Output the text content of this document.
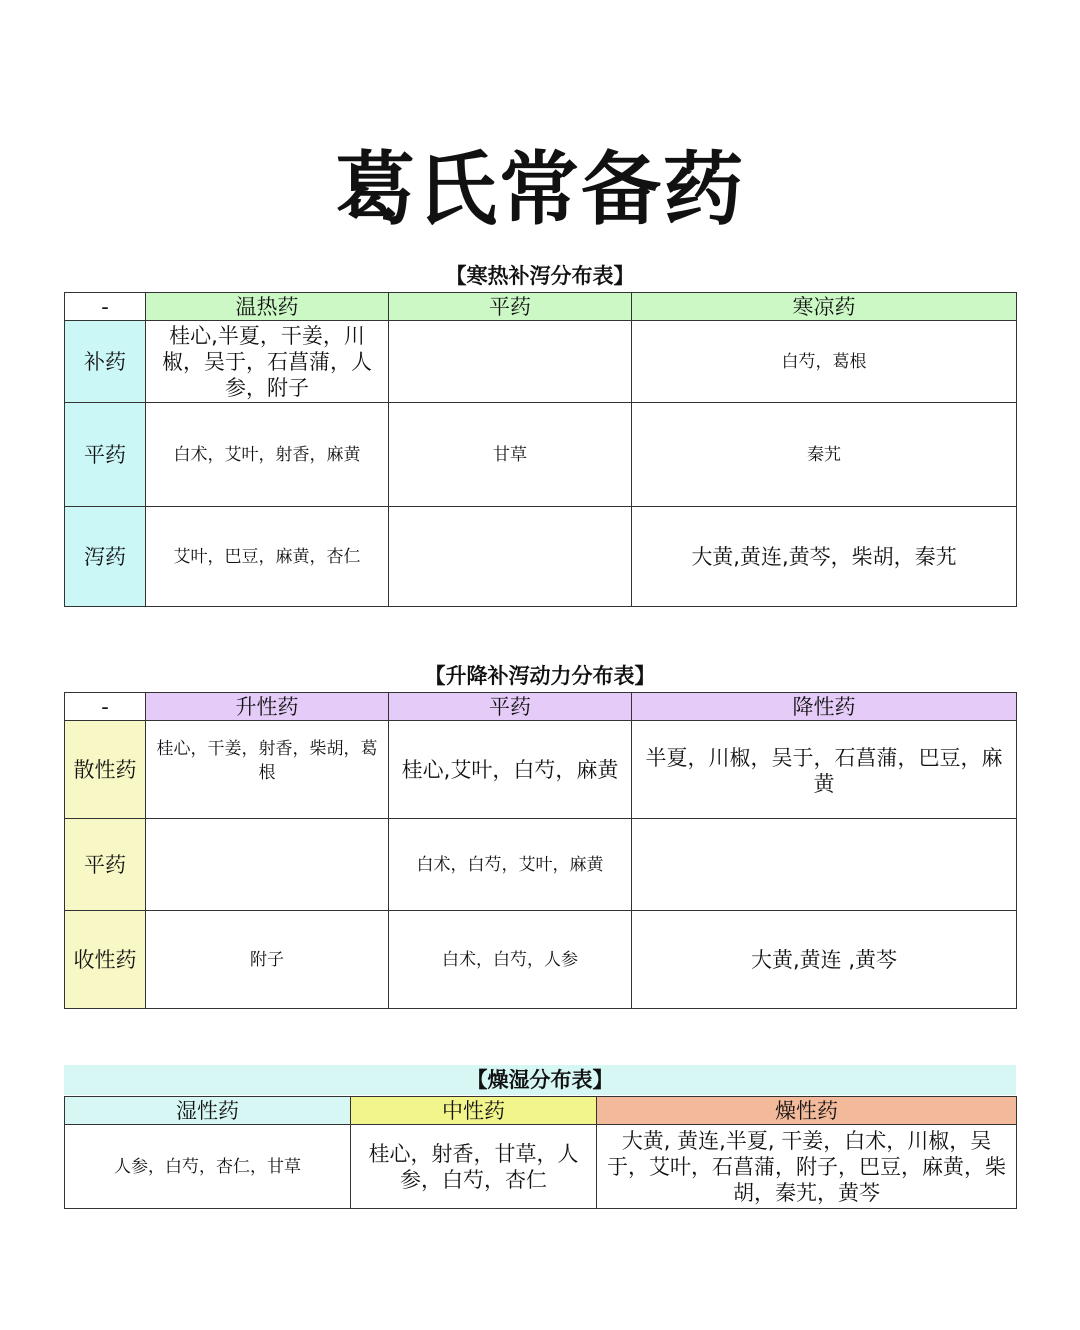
葛氏常备药
【寒热补泻分布表】
-	温热药	平药	寒凉药
补药	桂心,半夏，干姜，川椒，吴于，石菖蒲，人参，附子		白芍，葛根
平药	白术，艾叶，射香，麻黄	甘草	秦艽
泻药	艾叶，巴豆，麻黄，杏仁		大黄,黄连,黄芩，柴胡，秦艽
【升降补泻动力分布表】
-	升性药	平药	降性药
散性药	桂心，干姜，射香，柴胡，葛根	桂心,艾叶，白芍，麻黄	半夏，川椒，吴于，石菖蒲，巴豆，麻黄
平药		白术，白芍，艾叶，麻黄	
收性药	附子	白术，白芍，人参	大黄,黄连 ,黄芩
【燥湿分布表】
湿性药	中性药	燥性药
人参，白芍，杏仁，甘草	桂心，射香，甘草，人参，白芍，杏仁	大黄, 黄连,半夏, 干姜，白术，川椒，吴于，艾叶，石菖蒲，附子，巴豆，麻黄，柴胡，秦艽，黄芩
